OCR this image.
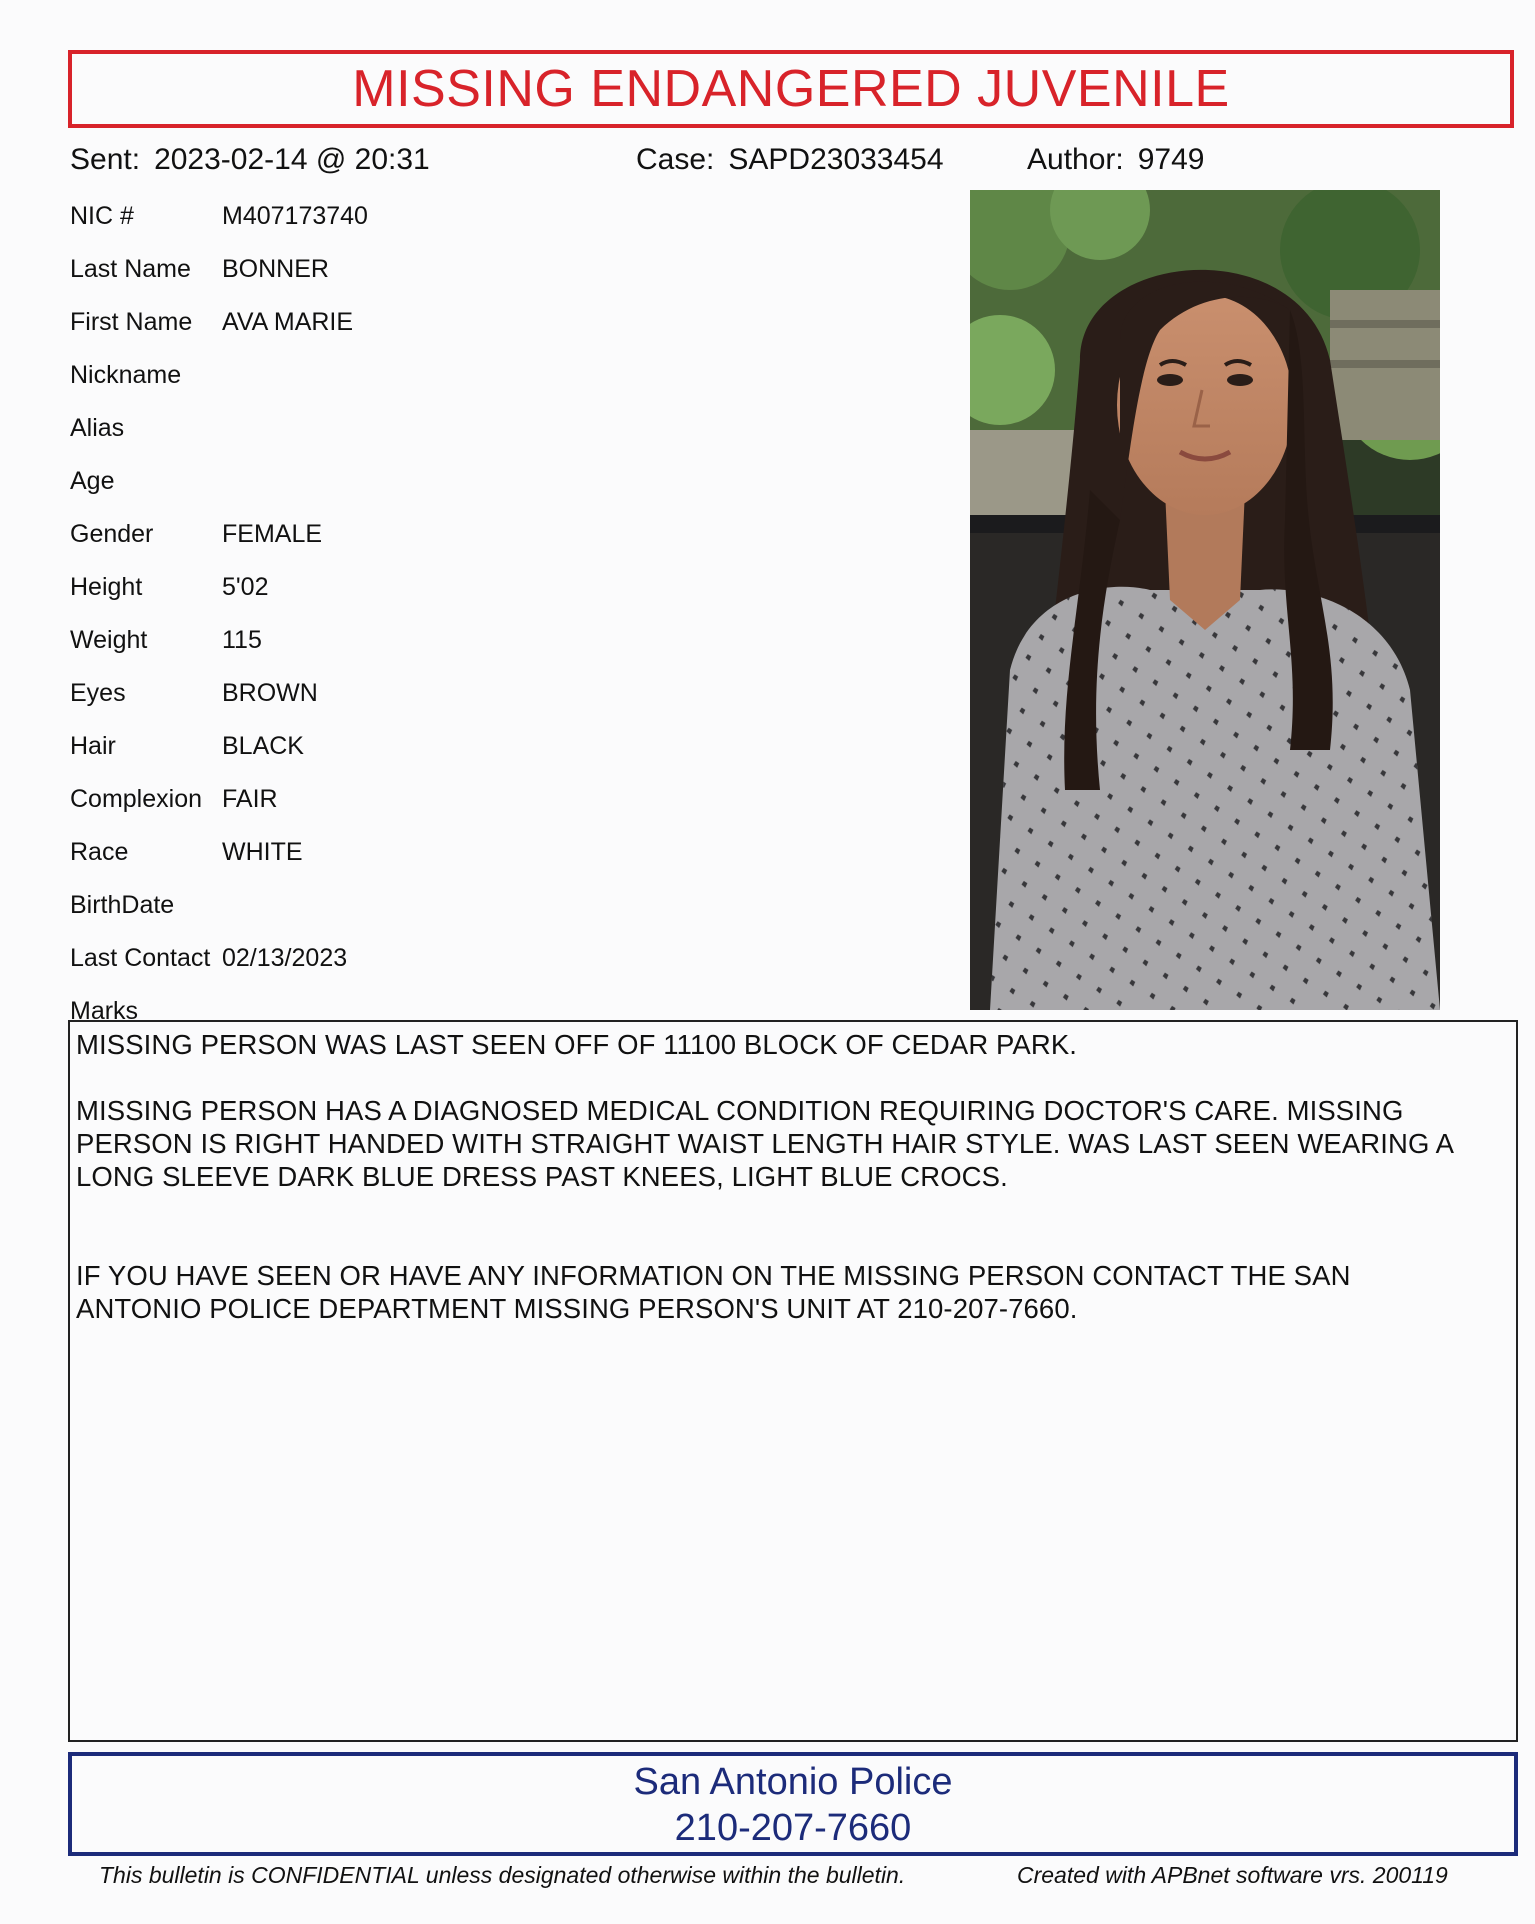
MISSING ENDANGERED JUVENILE
Sent: 2023-02-14 @ 20:31	Case: SAPD23033454	Author: 9749
NIC #	M407173740
Last Name	BONNER
First Name	AVA MARIE
Nickname
Alias
Age
Gender	FEMALE
Height	5'02
Weight	115
Eyes	BROWN
Hair	BLACK
Complexion FAIR
Race	WHITE
BirthDate
Last Contact 02/13/2023
Marks

MISSING PERSON WAS LAST SEEN OFF OF 11100 BLOCK OF CEDAR PARK.

MISSING PERSON HAS A DIAGNOSED MEDICAL CONDITION REQUIRING DOCTOR'S CARE. MISSING

PERSON IS RIGHT HANDED WITH STRAIGHT WAIST LENGTH HAIR STYLE. WAS LAST SEEN WEARING A

LONG SLEEVE DARK BLUE DRESS PAST KNEES, LIGHT BLUE CROCS.

IF YOU HAVE SEEN OR HAVE ANY INFORMATION ON THE MISSING PERSON CONTACT THE SAN

ANTONIO POLICE DEPARTMENT MISSING PERSON'S UNIT AT 210-207-7660.

San Antonio Police
210-207-7660
This bulletin is CONFIDENTIAL unless designated otherwise within the bulletin.	Created with APBnet software vrs. 200119
